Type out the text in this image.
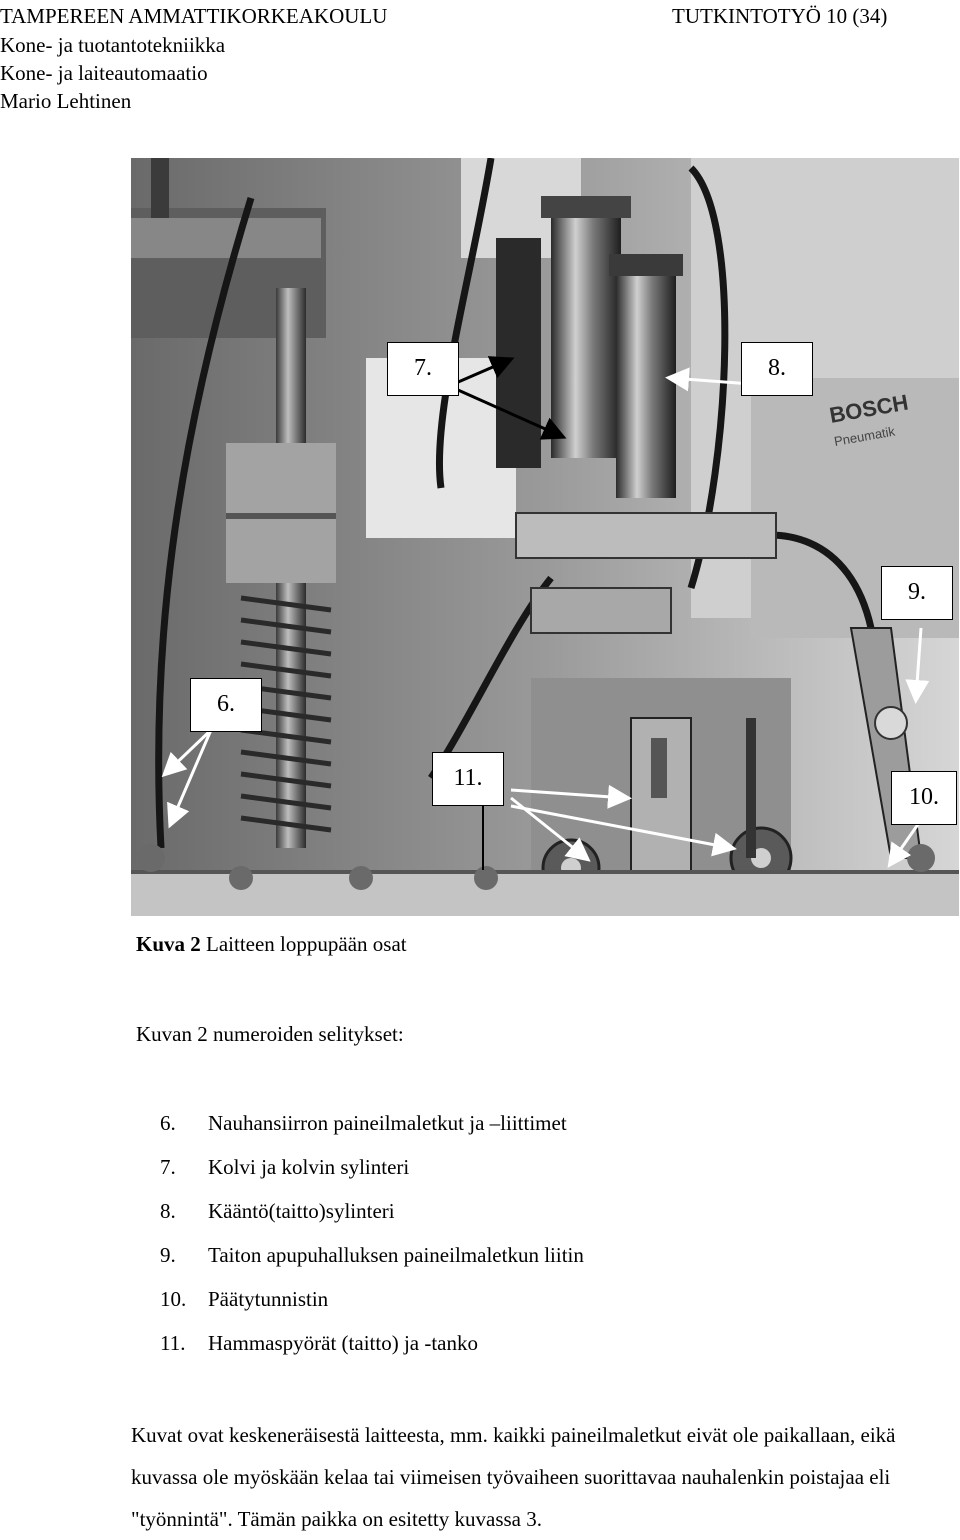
TAMPEREEN AMMATTIKORKEAKOULU	TUTKINTOTYÖ 10 (34)
Kone- ja tuotantotekniikka
Kone- ja laiteautomaatio
Mario Lehtinen
BOSCH
Pneumatik
7.	8.
9.
6.
11.
10.
Kuva 2 Laitteen loppupään osat
Kuvan 2 numeroiden selitykset:
6. Nauhansiirron paineilmaletkut ja –liittimet
7. Kolvi ja kolvin sylinteri
8. Kääntö(taitto)sylinteri
9. Taiton apupuhalluksen paineilmaletkun liitin
10. Päätytunnistin
11. Hammaspyörät (taitto) ja -tanko
Kuvat ovat keskeneräisestä laitteesta, mm. kaikki paineilmaletkut eivät ole paikallaan, eikä kuvassa ole myöskään kelaa tai viimeisen työvaiheen suorittavaa nauhalenkin poistajaa eli "työnnintä". Tämän paikka on esitetty kuvassa 3.
